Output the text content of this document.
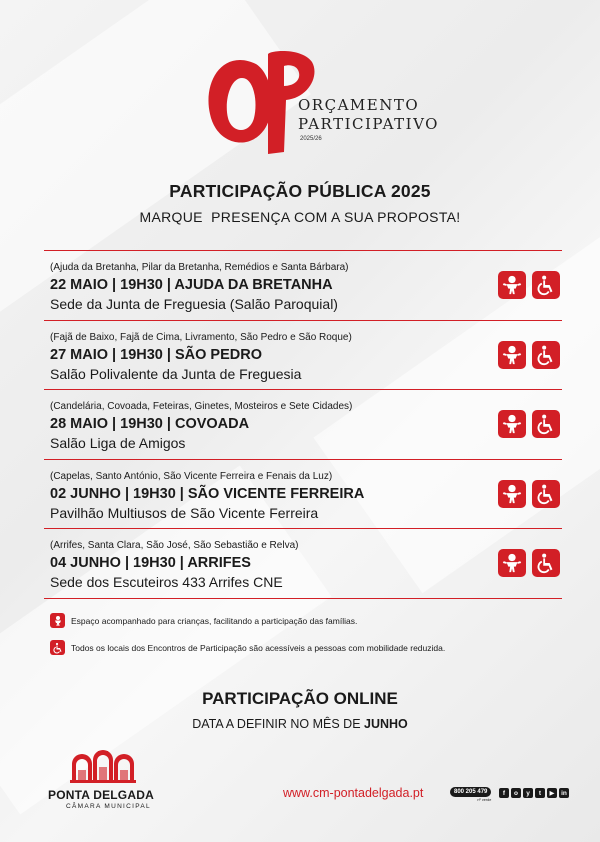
ORÇAMENTO
PARTICIPATIVO
2025/26
PARTICIPAÇÃO PÚBLICA 2025
MARQUE  PRESENÇA COM A SUA PROPOSTA!
(Ajuda da Bretanha, Pilar da Bretanha, Remédios e Santa Bárbara)
22 MAIO | 19H30 | AJUDA DA BRETANHA
Sede da Junta de Freguesia (Salão Paroquial)
(Fajã de Baixo, Fajã de Cima, Livramento, São Pedro e São Roque)
27 MAIO | 19H30 | SÃO PEDRO
Salão Polivalente da Junta de Freguesia
(Candelária, Covoada, Feteiras, Ginetes, Mosteiros e Sete Cidades)
28 MAIO | 19H30 | COVOADA
Salão Liga de Amigos
(Capelas, Santo António, São Vicente Ferreira e Fenais da Luz)
02 JUNHO | 19H30 | SÃO VICENTE FERREIRA
Pavilhão Multiusos de São Vicente Ferreira
(Arrifes, Santa Clara, São José, São Sebastião e Relva)
04 JUNHO | 19H30 | ARRIFES
Sede dos Escuteiros 433 Arrifes CNE
Espaço acompanhado para crianças, facilitando a participação das famílias.
Todos os locais dos Encontros de Participação são acessíveis a pessoas com mobilidade reduzida.
PARTICIPAÇÃO ONLINE
DATA A DEFINIR NO MÊS DE JUNHO
PONTA DELGADA
CÂMARA MUNICIPAL
www.cm-pontadelgada.pt	800 205 479
nº verde
f	o	y	t	▶	in
